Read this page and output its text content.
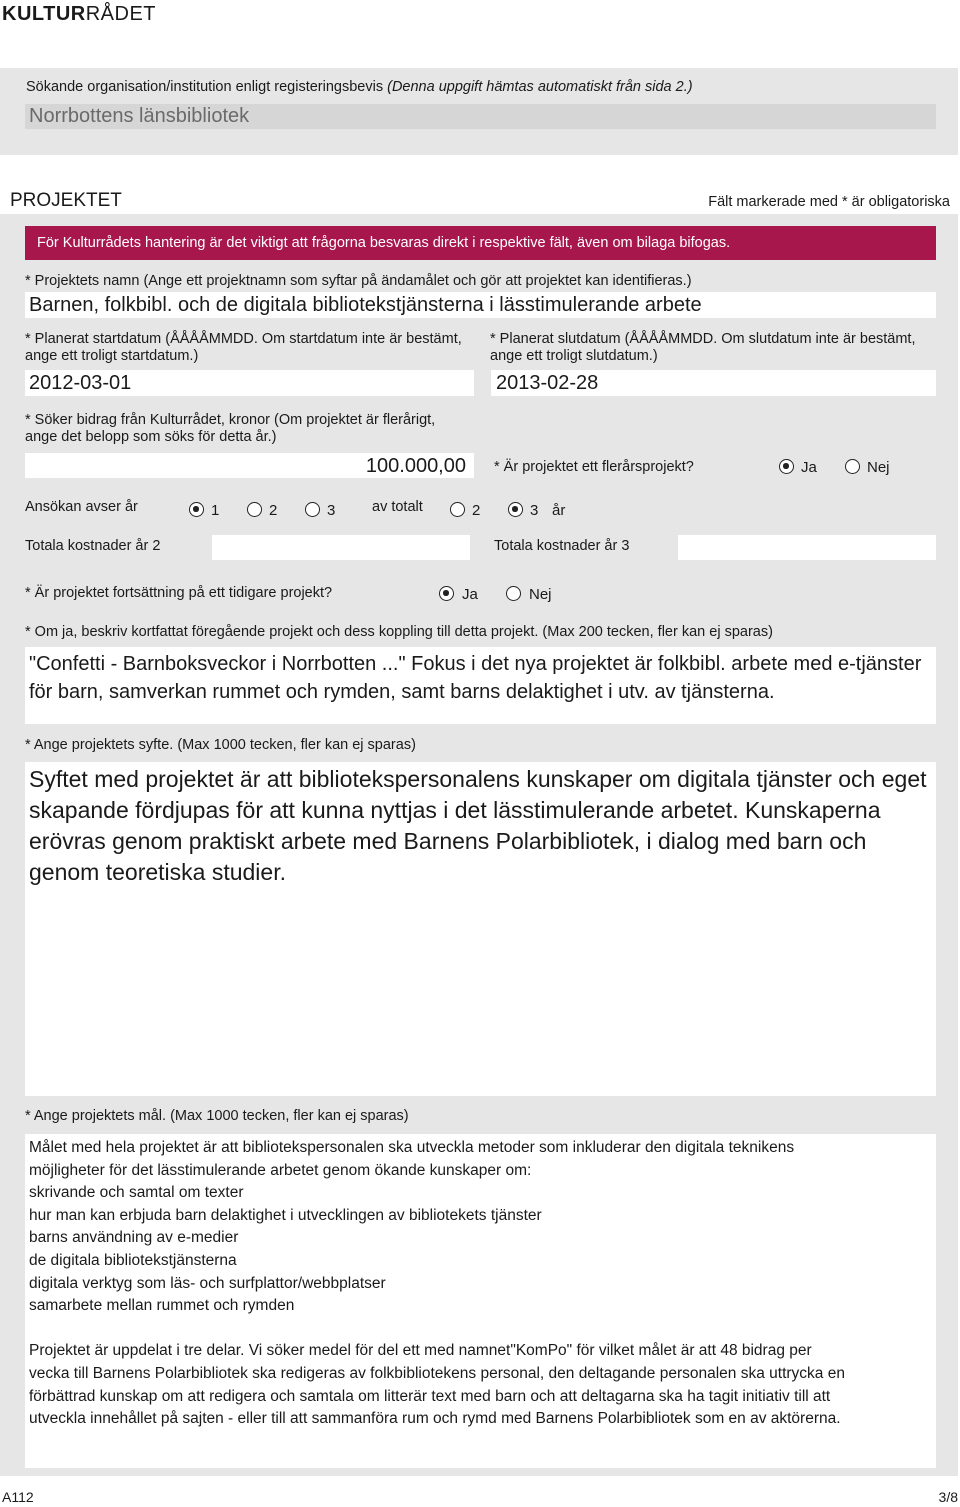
KULTURRÅDET
Sökande organisation/institution enligt registeringsbevis (Denna uppgift hämtas automatiskt från sida 2.)
Norrbottens länsbibliotek
PROJEKTET	Fält markerade med * är obligatoriska
För Kulturrådets hantering är det viktigt att frågorna besvaras direkt i respektive fält, även om bilaga bifogas.
* Projektets namn (Ange ett projektnamn som syftar på ändamålet och gör att projektet kan identifieras.)
Barnen, folkbibl. och de digitala bibliotekstjänsterna i lässtimulerande arbete
* Planerat startdatum (ÅÅÅÅMMDD. Om startdatum inte är bestämt, ange ett troligt startdatum.)
2012-03-01
* Planerat slutdatum (ÅÅÅÅMMDD. Om slutdatum inte är bestämt, ange ett troligt slutdatum.)
2013-02-28
* Söker bidrag från Kulturrådet, kronor (Om projektet är flerårigt, ange det belopp som söks för detta år.)
100.000,00 * Är projektet ett flerårsprojekt?	Ja	Nej
Ansökan avser år	1	2	3	av totalt	2	3 år
Totala kostnader år 2	Totala kostnader år 3
* Är projektet fortsättning på ett tidigare projekt?	Ja	Nej
* Om ja, beskriv kortfattat föregående projekt och dess koppling till detta projekt. (Max 200 tecken, fler kan ej sparas)
"Confetti - Barnboksveckor i Norrbotten ..." Fokus i det nya projektet är folkbibl. arbete med e-tjänster för barn, samverkan rummet och rymden, samt barns delaktighet i utv. av tjänsterna.
* Ange projektets syfte. (Max 1000 tecken, fler kan ej sparas)
Syftet med projektet är att bibliotekspersonalens kunskaper om digitala tjänster och eget skapande fördjupas för att kunna nyttjas i det lässtimulerande arbetet. Kunskaperna erövras genom praktiskt arbete med Barnens Polarbibliotek, i dialog med barn och genom teoretiska studier.
* Ange projektets mål. (Max 1000 tecken, fler kan ej sparas)
Målet med hela projektet är att bibliotekspersonalen ska utveckla metoder som inkluderar den digitala teknikens
möjligheter för det lässtimulerande arbetet genom ökande kunskaper om:
skrivande och samtal om texter
hur man kan erbjuda barn delaktighet i utvecklingen av bibliotekets tjänster
barns användning av e-medier
de digitala bibliotekstjänsterna
digitala verktyg som läs- och surfplattor/webbplatser
samarbete mellan rummet och rymden
Projektet är uppdelat i tre delar. Vi söker medel för del ett med namnet"KomPo" för vilket målet är att 48 bidrag per
vecka till Barnens Polarbibliotek ska redigeras av folkbibliotekens personal, den deltagande personalen ska uttrycka en
förbättrad kunskap om att redigera och samtala om litterär text med barn och att deltagarna ska ha tagit initiativ till att
utveckla innehållet på sajten - eller till att sammanföra rum och rymd med Barnens Polarbibliotek som en av aktörerna.
A112	3/8
